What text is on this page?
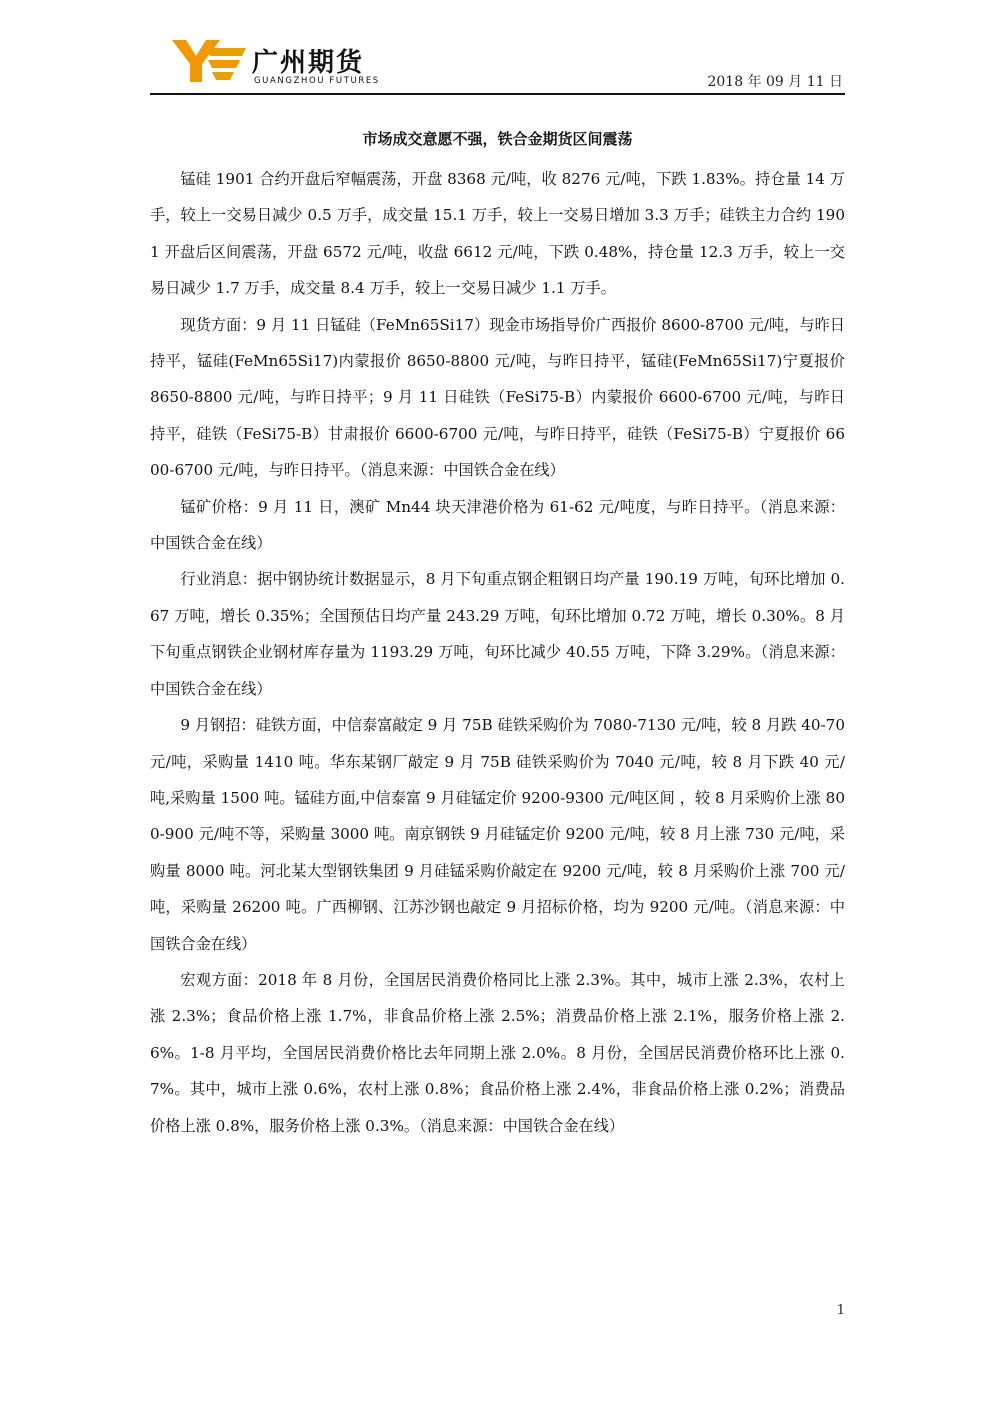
广州期货
GUANGZHOU FUTURES	2018 年 09 月 11 日
市场成交意愿不强，铁合金期货区间震荡

锰硅 1901 合约开盘后窄幅震荡，开盘 8368 元/吨，收 8276 元/吨，下跌 1.83%。持仓量 14 万手，较上一交易日减少 0.5 万手，成交量 15.1 万手，较上一交易日增加 3.3 万手；硅铁主力合约 1901 开盘后区间震荡，开盘 6572 元/吨，收盘 6612 元/吨，下跌 0.48%，持仓量 12.3 万手，较上一交易日减少 1.7 万手，成交量 8.4 万手，较上一交易日减少 1.1 万手。

现货方面：9 月 11 日锰硅（FeMn65Si17）现金市场指导价广西报价 8600-8700 元/吨，与昨日持平，锰硅(FeMn65Si17)内蒙报价 8650-8800 元/吨，与昨日持平，锰硅(FeMn65Si17)宁夏报价 8650-8800 元/吨，与昨日持平；9 月 11 日硅铁（FeSi75-B）内蒙报价 6600-6700 元/吨，与昨日持平，硅铁（FeSi75-B）甘肃报价 6600-6700 元/吨，与昨日持平，硅铁（FeSi75-B）宁夏报价 6600-6700 元/吨，与昨日持平。（消息来源：中国铁合金在线）

锰矿价格：9 月 11 日，澳矿 Mn44 块天津港价格为 61-62 元/吨度，与昨日持平。（消息来源：中国铁合金在线）

行业消息：据中钢协统计数据显示，8 月下旬重点钢企粗钢日均产量 190.19 万吨，旬环比增加 0.67 万吨，增长 0.35%；全国预估日均产量 243.29 万吨，旬环比增加 0.72 万吨，增长 0.30%。8 月下旬重点钢铁企业钢材库存量为 1193.29 万吨，旬环比减少 40.55 万吨，下降 3.29%。（消息来源：中国铁合金在线）

9 月钢招：硅铁方面，中信泰富敲定 9 月 75B 硅铁采购价为 7080-7130 元/吨，较 8 月跌 40-70 元/吨，采购量 1410 吨。华东某钢厂敲定 9 月 75B 硅铁采购价为 7040 元/吨，较 8 月下跌 40 元/吨,采购量 1500 吨。锰硅方面,中信泰富 9 月硅锰定价 9200-9300 元/吨区间 ，较 8 月采购价上涨 800-900 元/吨不等，采购量 3000 吨。南京钢铁 9 月硅锰定价 9200 元/吨，较 8 月上涨 730 元/吨，采购量 8000 吨。河北某大型钢铁集团 9 月硅锰采购价敲定在 9200 元/吨，较 8 月采购价上涨 700 元/吨，采购量 26200 吨。广西柳钢、江苏沙钢也敲定 9 月招标价格，均为 9200 元/吨。（消息来源：中国铁合金在线）

宏观方面：2018 年 8 月份，全国居民消费价格同比上涨 2.3%。其中，城市上涨 2.3%，农村上涨 2.3%；食品价格上涨 1.7%，非食品价格上涨 2.5%；消费品价格上涨 2.1%，服务价格上涨 2.6%。1-8 月平均，全国居民消费价格比去年同期上涨 2.0%。8 月份，全国居民消费价格环比上涨 0.7%。其中，城市上涨 0.6%，农村上涨 0.8%；食品价格上涨 2.4%，非食品价格上涨 0.2%；消费品价格上涨 0.8%，服务价格上涨 0.3%。（消息来源：中国铁合金在线）

1
